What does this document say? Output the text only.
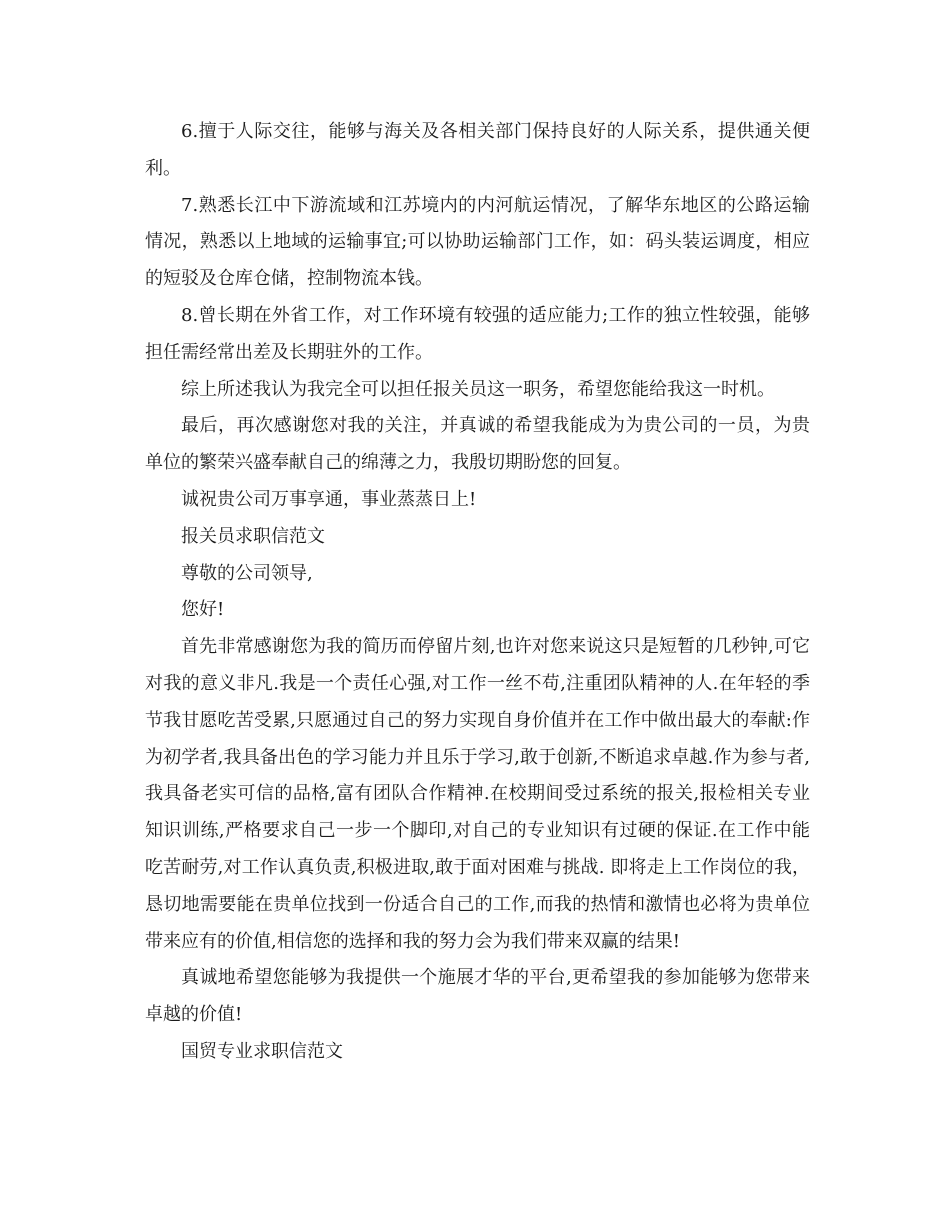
6.擅于人际交往，能够与海关及各相关部门保持良好的人际关系，提供通关便利。

7.熟悉长江中下游流域和江苏境内的内河航运情况，了解华东地区的公路运输情况，熟悉以上地域的运输事宜;可以协助运输部门工作，如：码头装运调度，相应的短驳及仓库仓储，控制物流本钱。

8.曾长期在外省工作，对工作环境有较强的适应能力;工作的独立性较强，能够担任需经常出差及长期驻外的工作。

综上所述我认为我完全可以担任报关员这一职务，希望您能给我这一时机。

最后，再次感谢您对我的关注，并真诚的希望我能成为为贵公司的一员，为贵单位的繁荣兴盛奉献自己的绵薄之力，我殷切期盼您的回复。

诚祝贵公司万事享通，事业蒸蒸日上!

报关员求职信范文

尊敬的公司领导,

您好!

首先非常感谢您为我的简历而停留片刻,也许对您来说这只是短暂的几秒钟,可它对我的意义非凡.我是一个责任心强,对工作一丝不苟,注重团队精神的人.在年轻的季节我甘愿吃苦受累,只愿通过自己的努力实现自身价值并在工作中做出最大的奉献:作为初学者,我具备出色的学习能力并且乐于学习,敢于创新,不断追求卓越.作为参与者,我具备老实可信的品格,富有团队合作精神.在校期间受过系统的报关,报检相关专业知识训练,严格要求自己一步一个脚印,对自己的专业知识有过硬的保证.在工作中能吃苦耐劳,对工作认真负责,积极进取,敢于面对困难与挑战. 即将走上工作岗位的我，恳切地需要能在贵单位找到一份适合自己的工作,而我的热情和激情也必将为贵单位带来应有的价值,相信您的选择和我的努力会为我们带来双赢的结果!

真诚地希望您能够为我提供一个施展才华的平台,更希望我的参加能够为您带来卓越的价值!

国贸专业求职信范文
